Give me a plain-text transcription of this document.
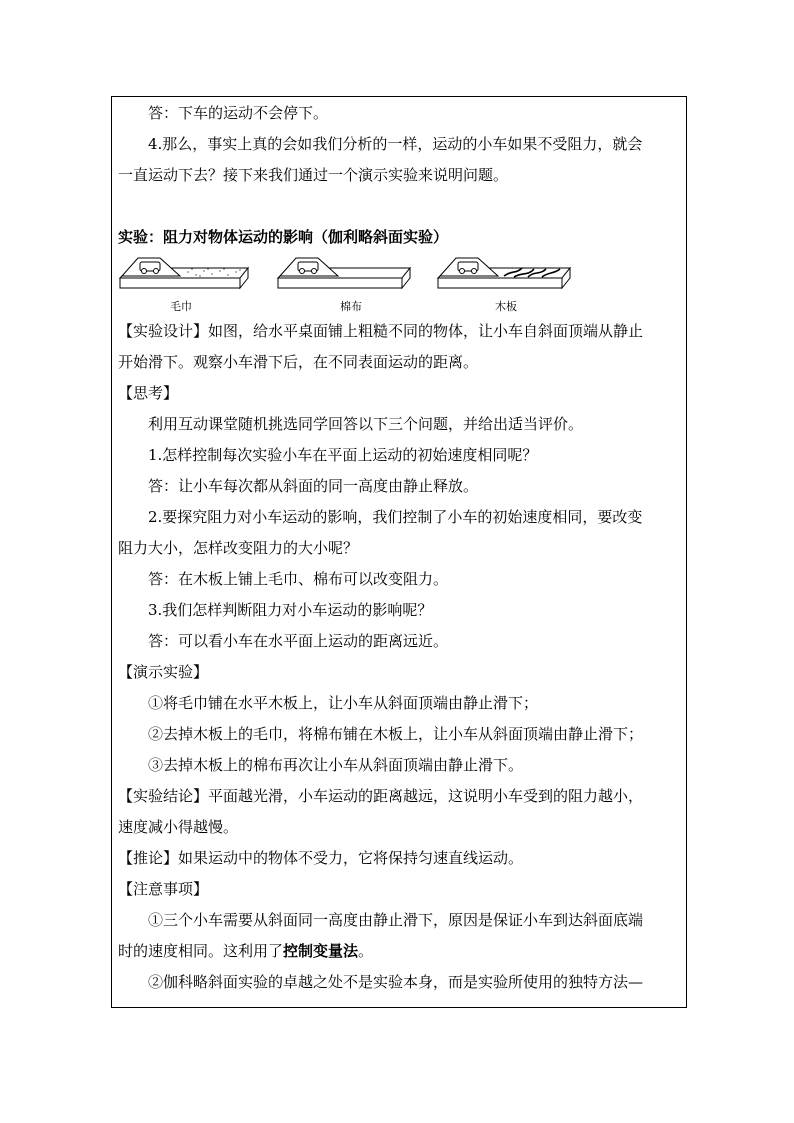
答：下车的运动不会停下。
4.那么，事实上真的会如我们分析的一样，运动的小车如果不受阻力，就会
一直运动下去？接下来我们通过一个演示实验来说明问题。
实验：阻力对物体运动的影响（伽利略斜面实验）
毛巾	棉布	木板
【实验设计】如图，给水平桌面铺上粗糙不同的物体，让小车自斜面顶端从静止
开始滑下。观察小车滑下后，在不同表面运动的距离。
【思考】
利用互动课堂随机挑选同学回答以下三个问题，并给出适当评价。
1.怎样控制每次实验小车在平面上运动的初始速度相同呢？
答：让小车每次都从斜面的同一高度由静止释放。
2.要探究阻力对小车运动的影响，我们控制了小车的初始速度相同，要改变
阻力大小，怎样改变阻力的大小呢？
答：在木板上铺上毛巾、棉布可以改变阻力。
3.我们怎样判断阻力对小车运动的影响呢？
答：可以看小车在水平面上运动的距离远近。
【演示实验】
①将毛巾铺在水平木板上，让小车从斜面顶端由静止滑下；
②去掉木板上的毛巾，将棉布铺在木板上，让小车从斜面顶端由静止滑下；
③去掉木板上的棉布再次让小车从斜面顶端由静止滑下。
【实验结论】平面越光滑，小车运动的距离越远，这说明小车受到的阻力越小，
速度减小得越慢。
【推论】如果运动中的物体不受力，它将保持匀速直线运动。
【注意事项】
①三个小车需要从斜面同一高度由静止滑下，原因是保证小车到达斜面底端
时的速度相同。这利用了控制变量法。
②伽科略斜面实验的卓越之处不是实验本身，而是实验所使用的独特方法—
